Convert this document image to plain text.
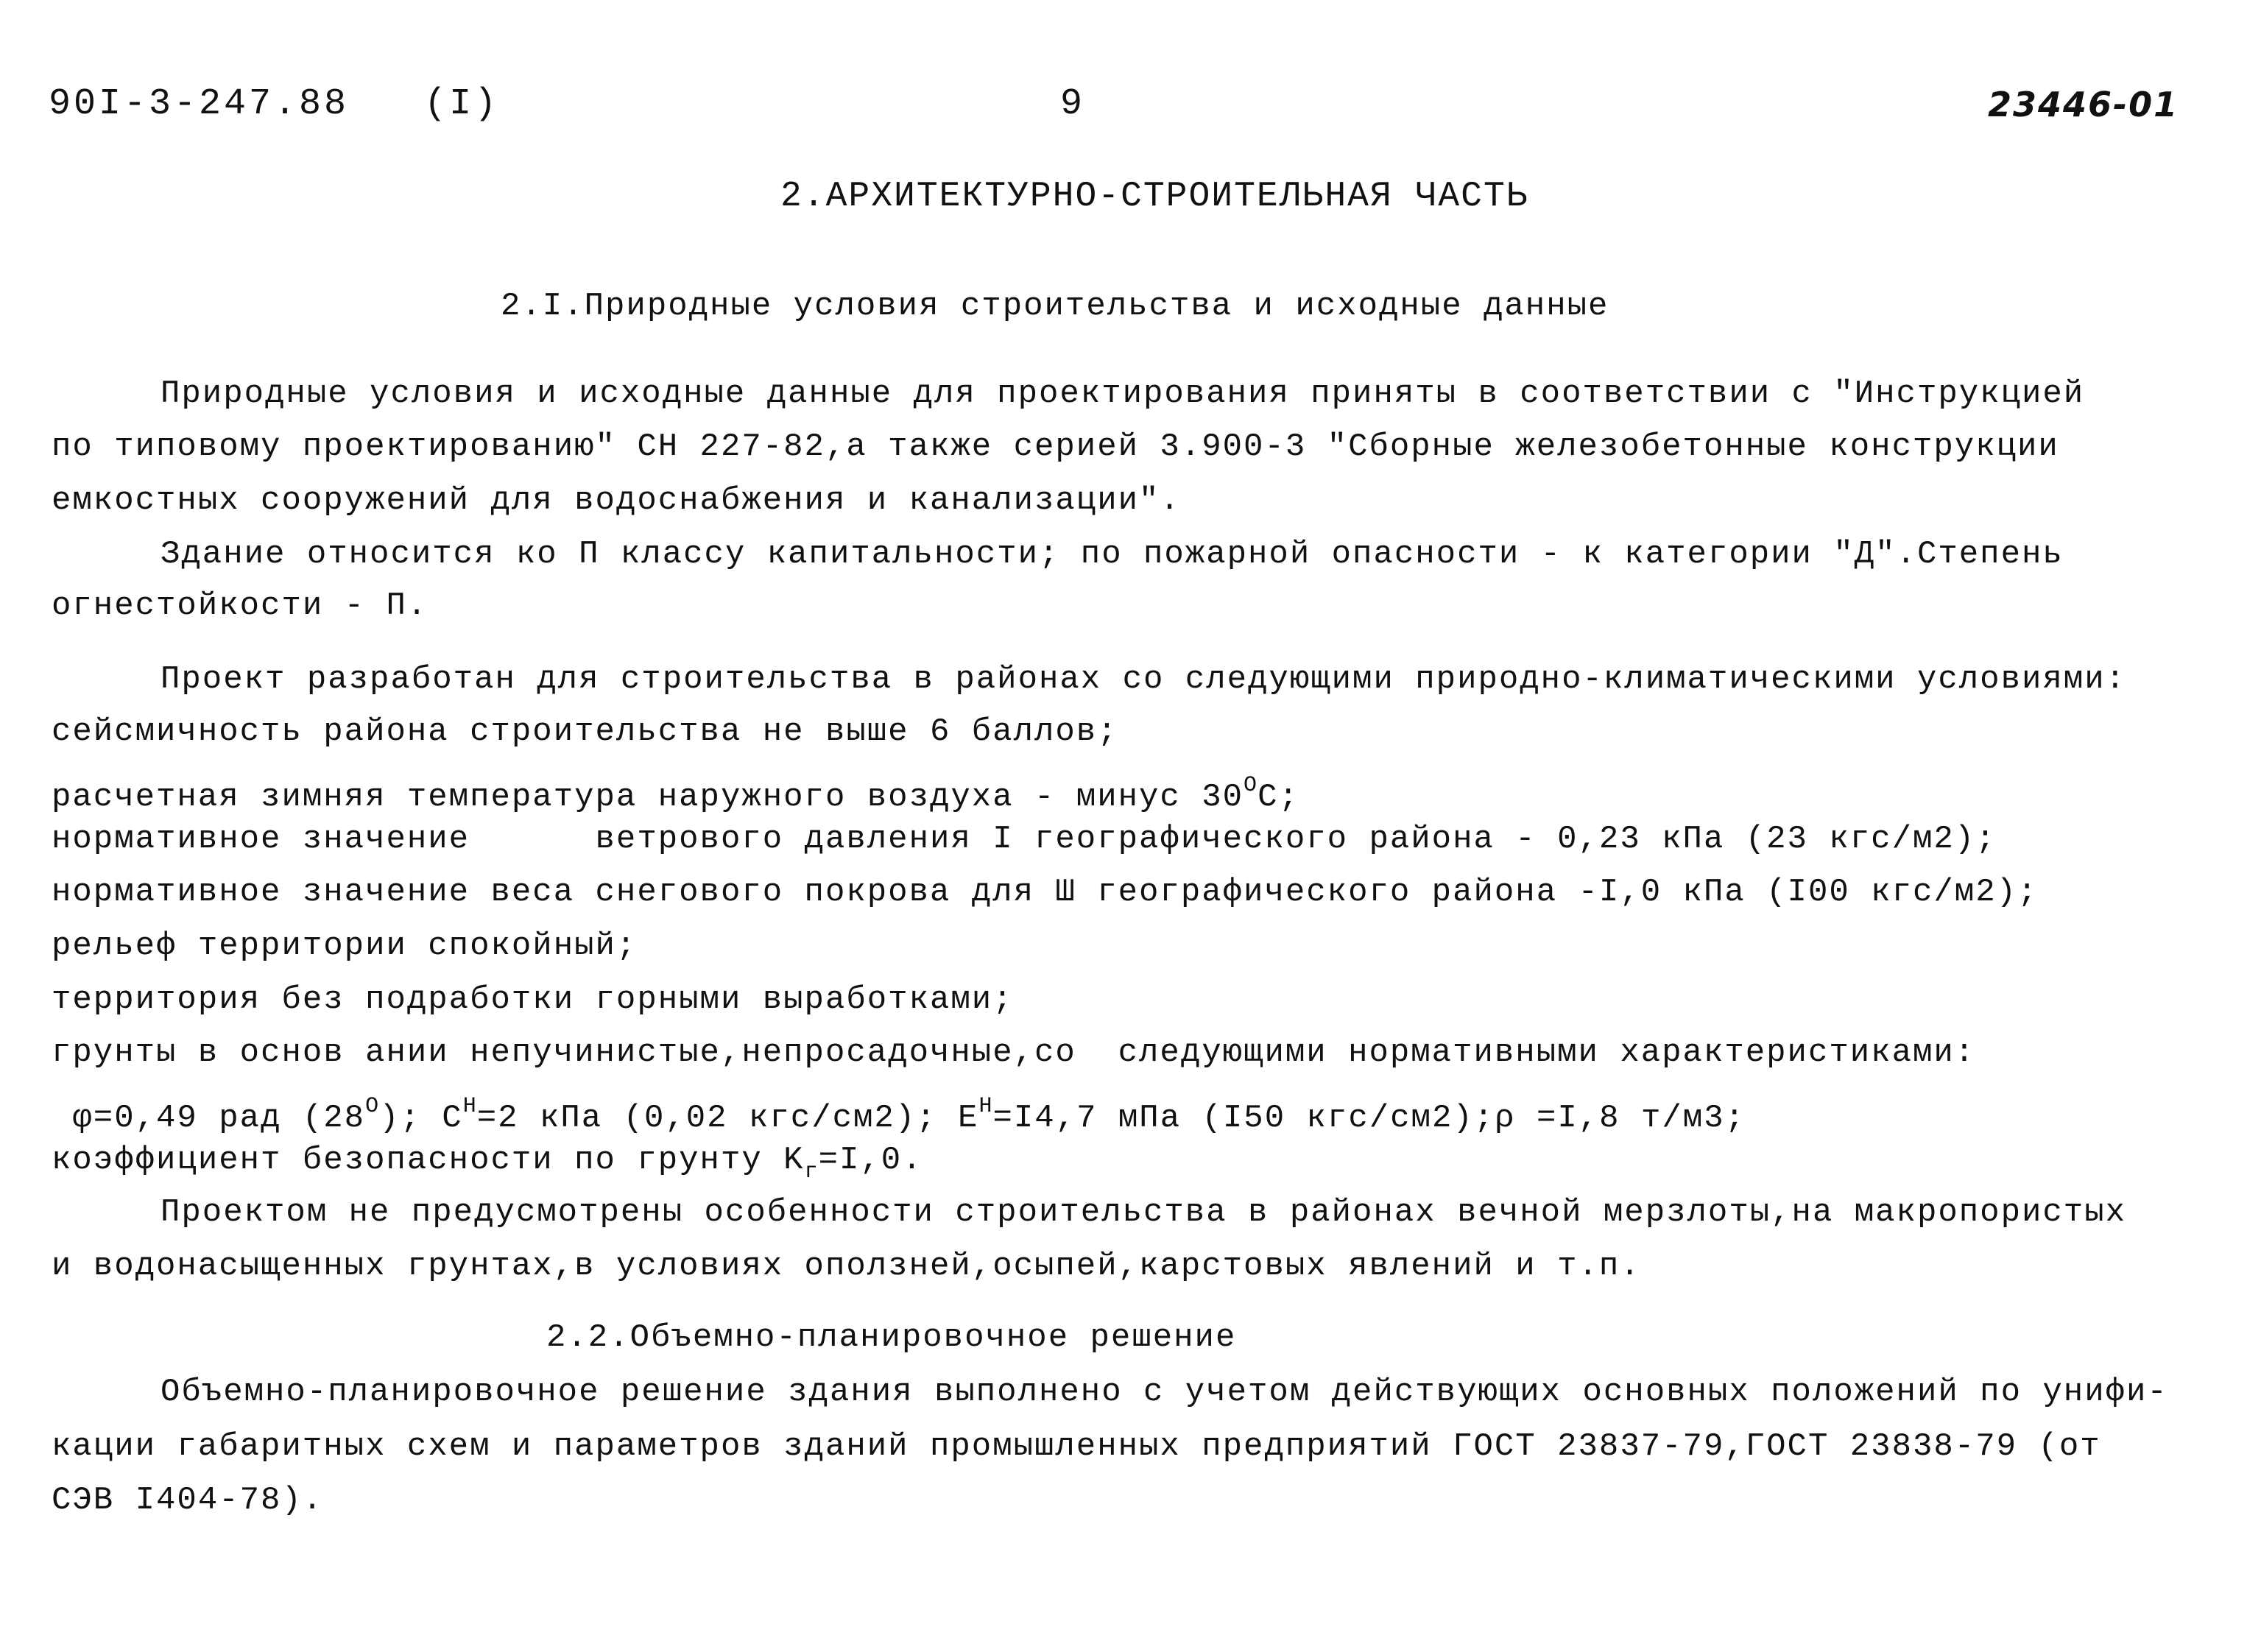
90I-3-247.88   (I)	9	23446-01
2.АРХИТЕКТУРНО-СТРОИТЕЛЬНАЯ ЧАСТЬ
2.I.Природные условия строительства и исходные данные
Природные условия и исходные данные для проектирования приняты в соответствии с "Инструкцией
по типовому проектированию" СН 227-82,а также серией 3.900-3 "Сборные железобетонные конструкции
емкостных сооружений для водоснабжения и канализации".
Здание относится ко П классу капитальности; по пожарной опасности - к категории "Д".Степень
огнестойкости - П.
Проект разработан для строительства в районах со следующими природно-климатическими условиями:
сейсмичность района строительства не выше 6 баллов;
расчетная зимняя температура наружного воздуха - минус $30^ОС$;
нормативное значение      ветрового давления I географического района - 0,23 кПа (23 кгс/м2);
нормативное значение веса снегового покрова для Ш географического района -I,0 кПа (I00 кгс/м2);
рельеф территории спокойный;
территория без подработки горными выработками;
грунты в основ ании непучинистые,непросадочные,со  следующими нормативными характеристиками:
φ=0,49 рад $(28^О)$; $C^Н=2$ кПа (0,02 кгс/см2); $E^Н=I4,7$ мПа (I50 кгс/см2);ρ =I,8 т/м3;
коэффициент безопасности по грунту $K_г=I,0$.
Проектом не предусмотрены особенности строительства в районах вечной мерзлоты,на макропористых
и водонасыщенных грунтах,в условиях оползней,осыпей,карстовых явлений и т.п.
2.2.Объемно-планировочное решение
Объемно-планировочное решение здания выполнено с учетом действующих основных положений по унифи-
кации габаритных схем и параметров зданий промышленных предприятий ГОСТ 23837-79,ГОСТ 23838-79 (от
СЭВ I404-78).
